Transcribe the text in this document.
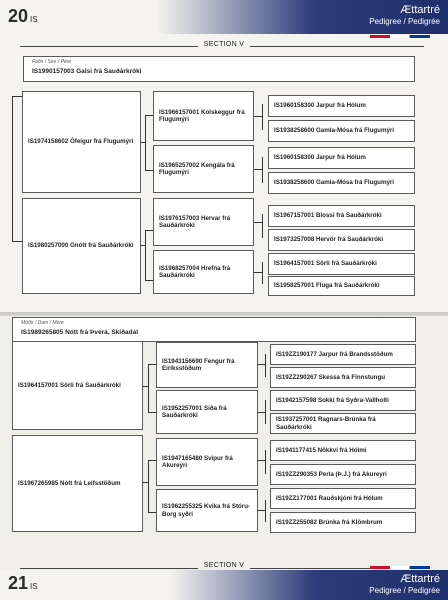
20 IS
Ættartré
Pedigree / Pedigrée
SECTION V
Faðir / Sire / Père
IS1990157003 Galsi frá Sauðárkróki
IS1974158602 Ófeigur frá Flugumýri
IS1980257000 Gnótt frá Sauðárkróki
IS1966157001 Kolskeggur frá Flugumýri
IS1965257002 Kengála frá Flugumýri
IS1976157003 Hervar frá Sauðárkróki
IS1968257004 Hrefna frá Sauðárkróki
IS1960158300 Jarpur frá Hólum
IS1938258600 Gamla-Mósa frá Flugumýri
IS1960158300 Jarpur frá Hólum
IS1938258600 Gamla-Mósa frá Flugumýri
IS1967157001 Blossi frá Sauðárkróki
IS1973257008 Hervör frá Sauðárkróki
IS1964157001 Sörli frá Sauðárkróki
IS1958257001 Fluga frá Sauðárkróki
Móðir / Dam / Mère
IS1989265805 Nótt frá Þverá, Skíðadal
IS1964157001 Sörli frá Sauðárkróki
IS1967265985 Nótt frá Leifsstöðum
IS1943156690 Fengur frá Eiríksstöðum
IS1952257001 Síða frá Sauðárkróki
IS1947165480 Svipur frá Akureyri
IS1962255325 Kvika frá Stóru-Borg syðri
IS19ZZ190177 Jarpur frá Brandsstöðum
IS19ZZ290267 Skessa frá Finnstungu
IS1942157598 Sokki frá Syðra-Vallholti
IS1937257001 Ragnars-Brúnka frá Sauðárkróki
IS1941177415 Nökkvi frá Hólmi
IS19ZZ290353 Perla (Þ.J.) frá Akureyri
IS19ZZ177001 Rauðskjóni frá Hólum
IS19ZZ255082 Brúnka frá Klömbrum
SECTION V
21 IS
Ættartré
Pedigree / Pedigrée
